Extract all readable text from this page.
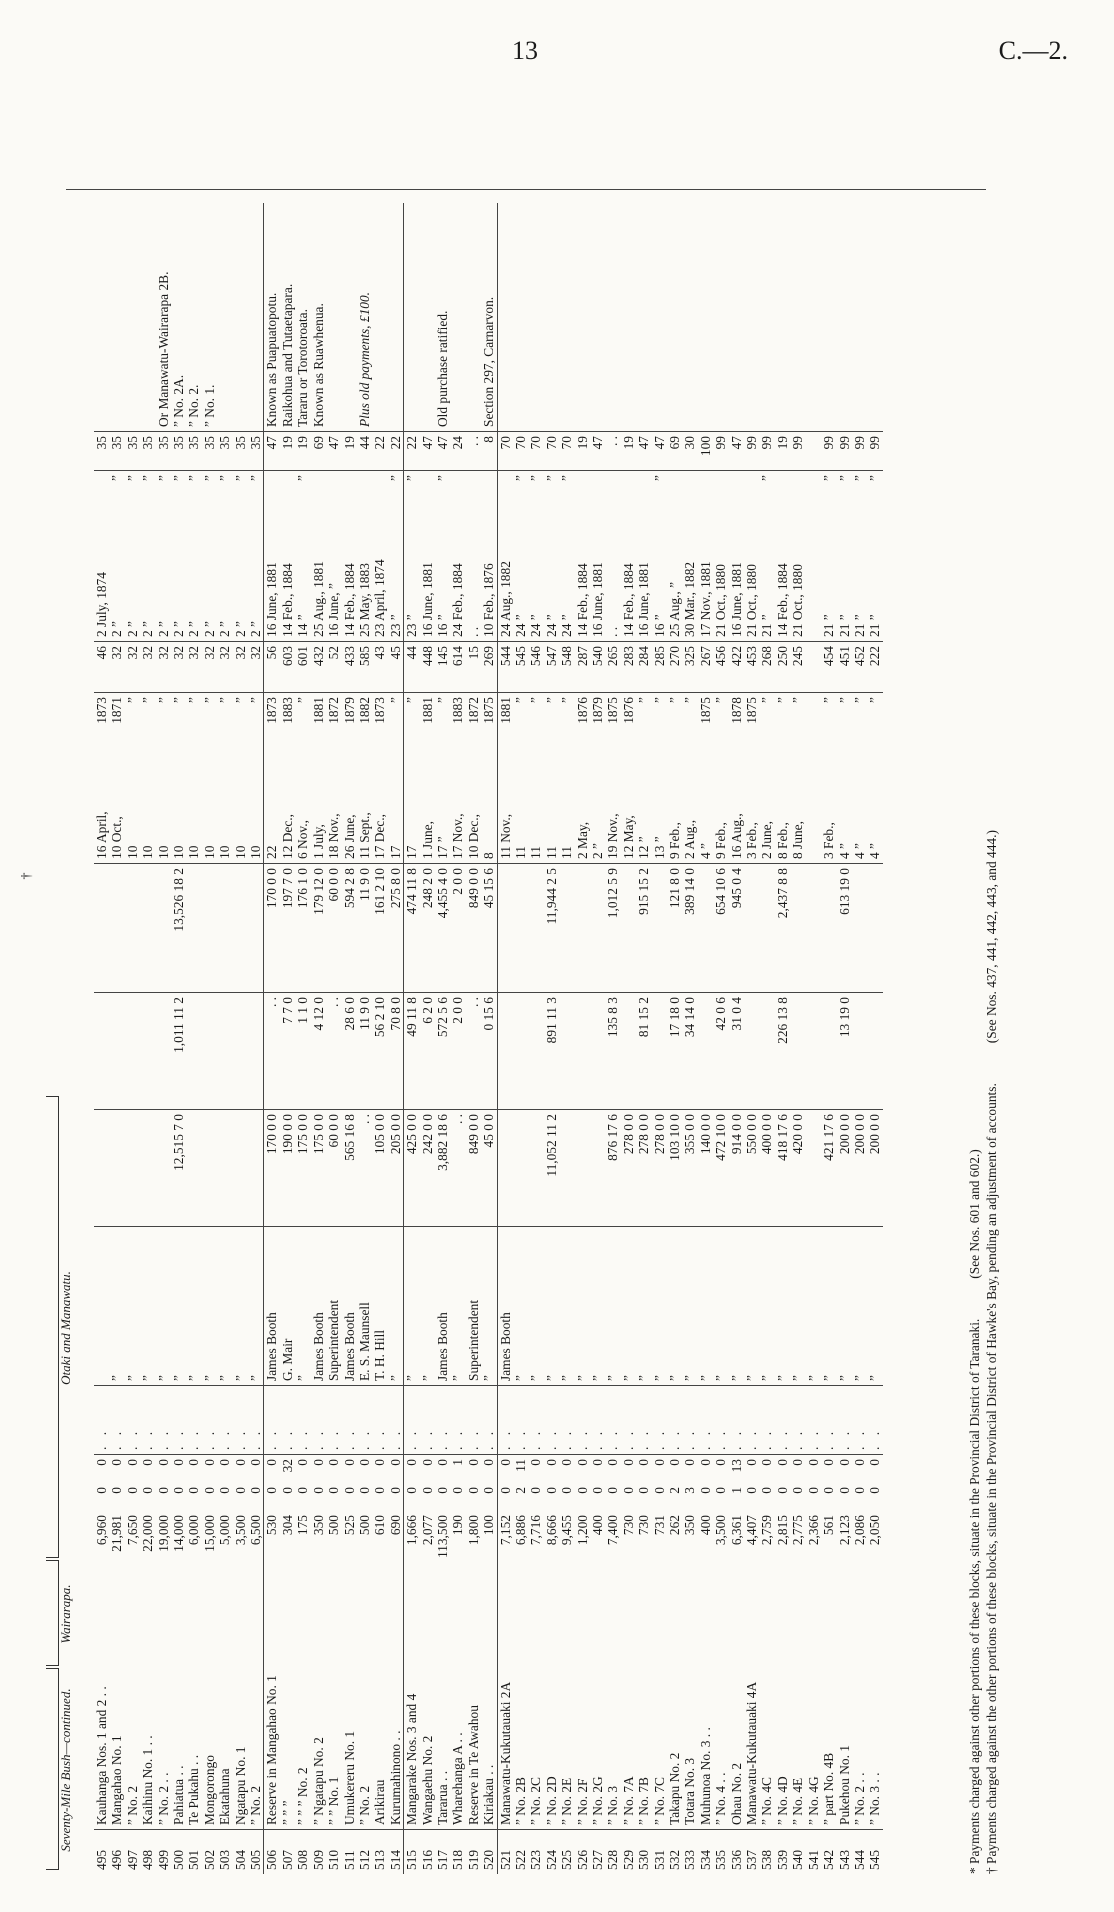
13	C.—2.
Seventy-Mile Bush—continued.
Wairarapa.
Otaki and Manawatu.
495	Kauhanga Nos. 1 and 2 . .	6,960	0	0	. .					16 April,	1873	46	2 July, 1874		35	
496	Mangahao No. 1	21,981	0	0	. .	”				10 Oct.,	1871	32	2 ”	”	35	
497	” No. 2	7,650	0	0	. .	”				10	”	32	2 ”	”	35	
498	Kaihinu No. 1 . .	22,000	0	0	. .	”				10	”	32	2 ”	”	35	
499	” No. 2 . .	19,000	0	0	. .	”				10	”	32	2 ”	”	35	Or Manawatu-Wairarapa 2B.
500	Pahiatua . .	14,000	0	0	. .	”	12,515 7 0	1,011 11 2	13,526 18 2	10	”	32	2 ”	”	35	” No. 2A.
501	Te Pukahu . .	6,000	0	0	. .	”				10	”	32	2 ”	”	35	” No. 2.
502	Mongorongo	15,000	0	0	. .	”				10	”	32	2 ”	”	35	” No. 1.
503	Ekatahuna	5,000	0	0	. .	”				10	”	32	2 ”	”	35	
504	Ngatapu No. 1	3,500	0	0	. .	”				10	”	32	2 ”	”	35	
505	” No. 2	6,500	0	0	. .	”				10	”	32	2 ”	”	35	
506	Reserve in Mangahao No. 1	530	0	0	. .	James Booth	170 0 0	. .	170 0 0	22	1873	56	16 June, 1881		47	Known as Puapuatopotu.
507	” ” ”	304	0	32	. .	G. Mair	190 0 0	7 7 0	197 7 0	12 Dec.,	1883	603	14 Feb., 1884		19	Raikohua and Tutaetapara.
508	” ” ” No. 2	175	0	0	. .	”	175 0 0	1 1 0	176 1 0	6 Nov.,	”	601	14 ”	”	19	Tararu or Torotoroata.
509	” Ngatapu No. 2	350	0	0	. .	James Booth	175 0 0	4 12 0	179 12 0	1 July,	1881	432	25 Aug., 1881		69	Known as Ruawhenua.
510	” ” No. 1	500	0	0	. .	Superintendent	60 0 0	. .	60 0 0	18 Nov.,	1872	52	16 June, ”		47	
511	Umukereru No. 1	525	0	0	. .	James Booth	565 16 8	28 6 0	594 2 8	26 June,	1879	433	14 Feb., 1884		19	
512	” No. 2	500	0	0	. .	E. S. Maunsell	. .	11 9 0	11 9 0	11 Sept.,	1882	585	25 May, 1883		44	Plus old payments, £100.
513	Arikirau	610	0	0	. .	T. H. Hill	105 0 0	56 2 10	161 2 10	17 Dec.,	1873	43	23 April, 1874		22	
514	Kurumahinono . .	690	0	0	. .	”	205 0 0	70 8 0	275 8 0	17	”	45	23 ”	”	22	
515	Mangarake Nos. 3 and 4	1,666	0	0	. .	”	425 0 0	49 11 8	474 11 8	17	”	44	23 ”	”	22	
516	Wangaehu No. 2	2,077	0	0	. .	”	242 0 0	6 2 0	248 2 0	1 June,	1881	448	16 June, 1881		47	
517	Tararua . .	113,500	0	0	. .	James Booth	3,882 18 6	572 5 6	4,455 4 0	17 ”	”	145	16 ”	”	47	Old purchase ratified.
518	Wharehanga A . .	190	0	1	. .	”	. .	2 0 0	2 0 0	17 Nov.,	1883	614	24 Feb., 1884		24	
519	Reserve in Te Awahou	1,800	0	0	. .	Superintendent	849 0 0	. .	849 0 0	10 Dec.,	1872	15	. .		. .	
520	Kiriakau . .	100	0	0	. .	”	45 0 0	0 15 6	45 15 6	8	1875	269	10 Feb., 1876		8	Section 297, Carnarvon.
521	Manawatu-Kukutauaki 2A	7,152	0	0	. .	James Booth				11 Nov.,	1881	544	24 Aug., 1882		70	
522	” No. 2B	6,886	2	11	. .	”				11	”	545	24 ”	”	70	
523	” No. 2C	7,716	0	0	. .	”				11	”	546	24 ”	”	70	
524	” No. 2D	8,666	0	0	. .	”	11,052 11 2	891 11 3	11,944 2 5	11	”	547	24 ”	”	70	
525	” No. 2E	9,455	0	0	. .	”				11	”	548	24 ”	”	70	
526	” No. 2F	1,200	0	0	. .	”				2 May,	1876	287	14 Feb., 1884		19	
527	” No. 2G	400	0	0	. .	”				2 ”	1879	540	16 June, 1881		47	
528	” No. 3	7,400	0	0	. .	”	876 17 6	135 8 3	1,012 5 9	19 Nov.,	1875	265	. .		. .	
529	” No. 7A	730	0	0	. .	”	278 0 0			12 May,	1876	283	14 Feb., 1884		19	
530	” No. 7B	730	0	0	. .	”	278 0 0	81 15 2	915 15 2	12 ”	”	284	16 June, 1881		47	
531	” No. 7C	731	0	0	. .	”	278 0 0			13 ”	”	285	16 ”	”	47	
532	Takapu No. 2	262	2	0	. .	”	103 10 0	17 18 0	121 8 0	9 Feb.,	”	270	25 Aug., ”		69	
533	Totara No. 3	350	3	0	. .	”	355 0 0	34 14 0	389 14 0	2 Aug.,	”	325	30 Mar., 1882		30	
534	Muhunoa No. 3 . .	400	0	0	. .	”	140 0 0			4 ”	1875	267	17 Nov., 1881		100	
535	” No. 4 . .	3,500	0	0	. .	”	472 10 0	42 0 6	654 10 6	9 Feb.,	”	456	21 Oct., 1880		99	
536	Ohau No. 2	6,361	1	13	. .	”	914 0 0	31 0 4	945 0 4	16 Aug.,	1878	422	16 June, 1881		47	
537	Manawatu-Kukutauaki 4A	4,407	0	0	. .	”	550 0 0			3 Feb.,	1875	453	21 Oct., 1880		99	
538	” No. 4C	2,759	0	0	. .	”	400 0 0			2 June,	”	268	21 ”	”	99	
539	” No. 4D	2,815	0	0	. .	”	418 17 6	226 13 8	2,437 8 8	8 Feb.,	”	250	14 Feb., 1884		19	
540	” No. 4E	2,775	0	0	. .	”	420 0 0			8 June,	”	245	21 Oct., 1880		99	
541	” No. 4G	2,366	0	0	. .	”										
542	” part No. 4B	561	0	0	. .	”	421 17 6			3 Feb.,	”	454	21 ”	”	99	
543	Pukehou No. 1	2,123	0	0	. .	”	200 0 0	13 19 0	613 19 0	4 ”	”	451	21 ”	”	99	
544	” No. 2 . .	2,086	0	0	. .	”	200 0 0			4 ”	”	452	21 ”	”	99	
545	” No. 3 . .	2,050	0	0	. .	”	200 0 0			4 ”	”	222	21 ”	”	99	
* Payments charged against other portions of these blocks, situate in the Provincial District of Taranaki.(See Nos. 601 and 602.) † Payments charged against the other portions of these blocks, situate in the Provincial District of Hawke's Bay, pending an adjustment of accounts.(See Nos. 437, 441, 442, 443, and 444.)
†
